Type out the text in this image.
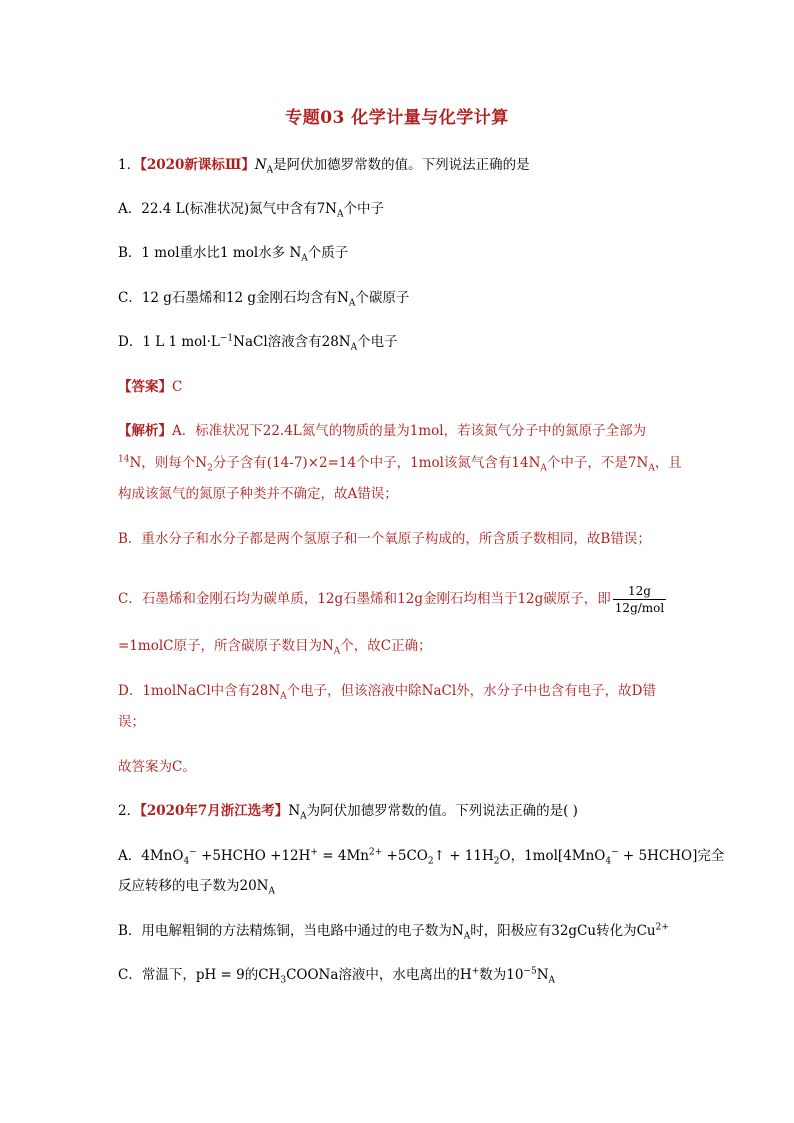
专题03 化学计量与化学计算
1．【2020新课标Ⅲ】$N_A$是阿伏加德罗常数的值。下列说法正确的是
A．22.4 L(标准状况)氮气中含有$7N_A$个中子
B．1 mol重水比1 mol水多 $N_A$个质子
C．12 g石墨烯和12 g金刚石均含有$N_A$个碳原子
D．1 L 1 $mol\cdot L^{-1}NaCl$溶液含有$28N_A$个电子
【答案】C
【解析】A．标准状况下22.4L氮气的物质的量为1mol，若该氮气分子中的氮原子全部为
$^{14}$N，则每个$N_2$分子含有(14-7)×2=14个中子，1mol该氮气含有$14N_A$个中子，不是$7N_A$，且
构成该氮气的氮原子种类并不确定，故A错误；
B．重水分子和水分子都是两个氢原子和一个氧原子构成的，所含质子数相同，故B错误；
C．石墨烯和金刚石均为碳单质，12g石墨烯和12g金刚石均相当于12g碳原子，即 $\frac{12g}{\text{12g/mol}}$
=1molC原子，所含碳原子数目为$N_A$个，故C正确；
D．1molNaCl中含有$28N_A$个电子，但该溶液中除NaCl外，水分子中也含有电子，故D错
误；
故答案为C。
2．【2020年7月浙江选考】$N_A$为阿伏加德罗常数的值。下列说法正确的是( )
A．4MnO$_4$− +5HCHO $+12H^+ = 4Mn^{2+}$ $+5CO_2↑ + 11H_2O$，1mol[4MnO$_4$− + 5HCHO]完全
反应转移的电子数为$20N_A$
B．用电解粗铜的方法精炼铜，当电路中通过的电子数为$N_A$时，阳极应有32gCu转化为$Cu^{2+}$
C．常温下，pH = 9的$CH_3COONa$溶液中，水电离出的H+数为$10^{-5}N_A$
